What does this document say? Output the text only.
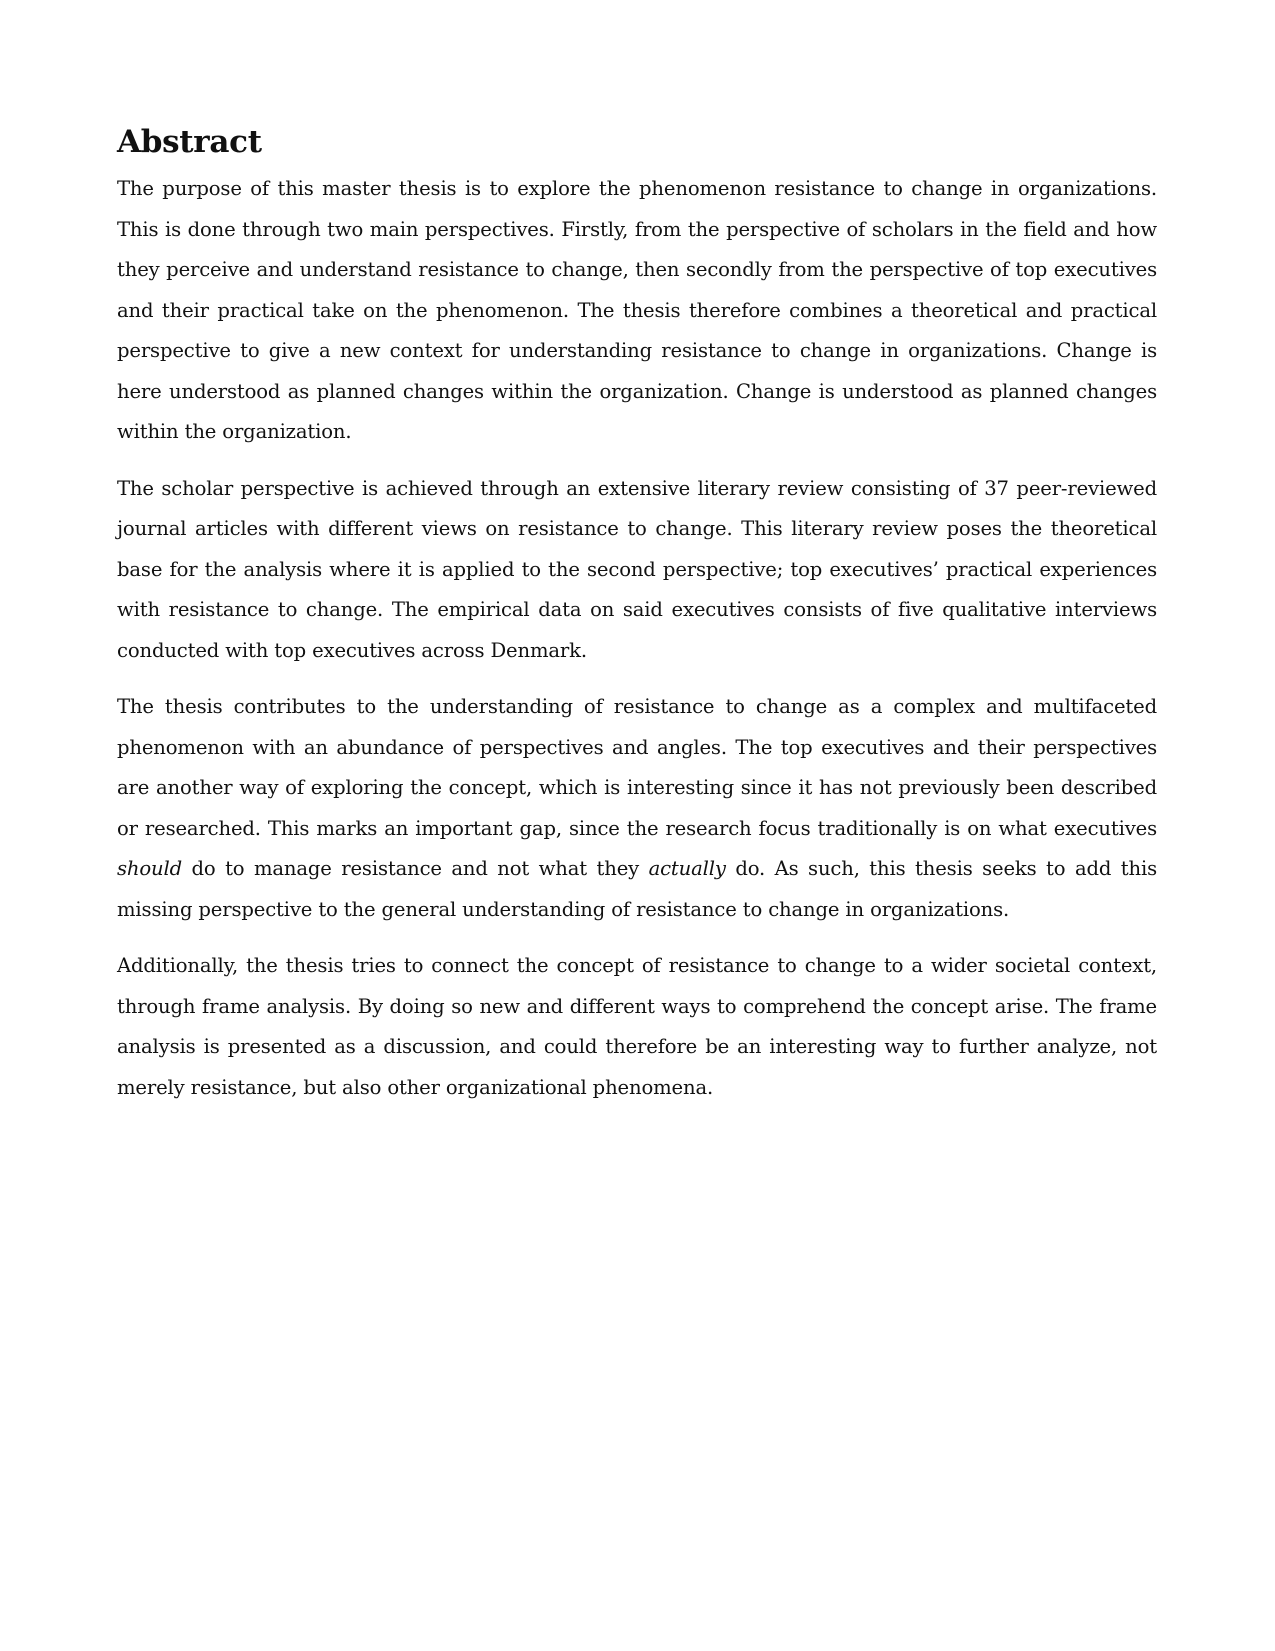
Abstract

The purpose of this master thesis is to explore the phenomenon resistance to change in organizations. This is done through two main perspectives. Firstly, from the perspective of scholars in the field and how they perceive and understand resistance to change, then secondly from the perspective of top executives and their practical take on the phenomenon. The thesis therefore combines a theoretical and practical perspective to give a new context for understanding resistance to change in organizations. Change is here understood as planned changes within the organization. Change is understood as planned changes within the organization.

The scholar perspective is achieved through an extensive literary review consisting of 37 peer-reviewed journal articles with different views on resistance to change. This literary review poses the theoretical base for the analysis where it is applied to the second perspective; top executives’ practical experiences with resistance to change. The empirical data on said executives consists of five qualitative interviews conducted with top executives across Denmark.

The thesis contributes to the understanding of resistance to change as a complex and multifaceted phenomenon with an abundance of perspectives and angles. The top executives and their perspectives are another way of exploring the concept, which is interesting since it has not previously been described or researched. This marks an important gap, since the research focus traditionally is on what executives should do to manage resistance and not what they actually do. As such, this thesis seeks to add this missing perspective to the general understanding of resistance to change in organizations.

Additionally, the thesis tries to connect the concept of resistance to change to a wider societal context, through frame analysis. By doing so new and different ways to comprehend the concept arise. The frame analysis is presented as a discussion, and could therefore be an interesting way to further analyze, not merely resistance, but also other organizational phenomena.
